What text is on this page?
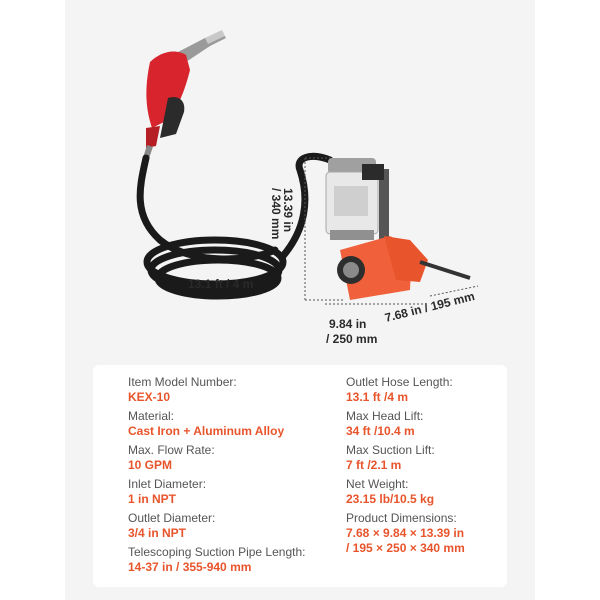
13.1 ft / 4 m
13.39 in
/ 340 mm
9.84 in
/ 250 mm
7.68 in / 195 mm
Item Model Number:
KEX-10
Material:
Cast Iron + Aluminum Alloy
Max. Flow Rate:
10 GPM
Inlet Diameter:
1 in NPT
Outlet Diameter:
3/4 in NPT
Telescoping Suction Pipe Length:
14-37 in / 355-940 mm
Outlet Hose Length:
13.1 ft /4 m
Max Head Lift:
34 ft /10.4 m
Max Suction Lift:
7 ft /2.1 m
Net Weight:
23.15 lb/10.5 kg
Product Dimensions:
7.68 × 9.84 × 13.39 in
/ 195 × 250 × 340 mm
